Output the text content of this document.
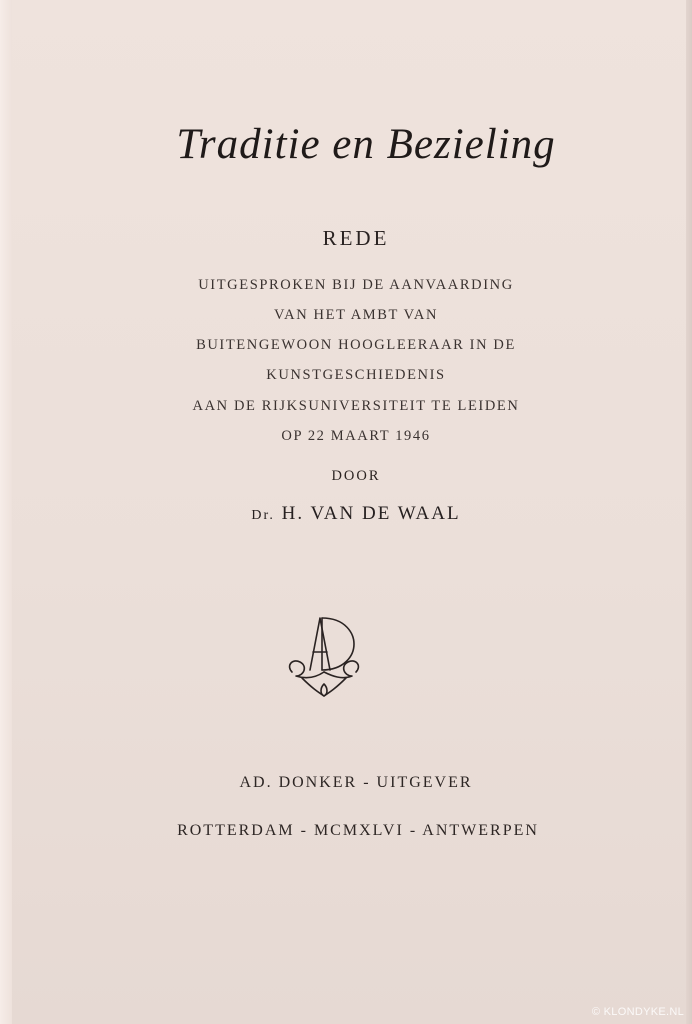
Traditie en Bezieling
REDE
UITGESPROKEN BIJ DE AANVAARDING
VAN HET AMBT VAN
BUITENGEWOON HOOGLEERAAR IN DE
KUNSTGESCHIEDENIS
AAN DE RIJKSUNIVERSITEIT TE LEIDEN
OP 22 MAART 1946
DOOR
Dr. H. VAN DE WAAL
AD. DONKER - UITGEVER
ROTTERDAM - MCMXLVI - ANTWERPEN
© KLONDYKE.NL
